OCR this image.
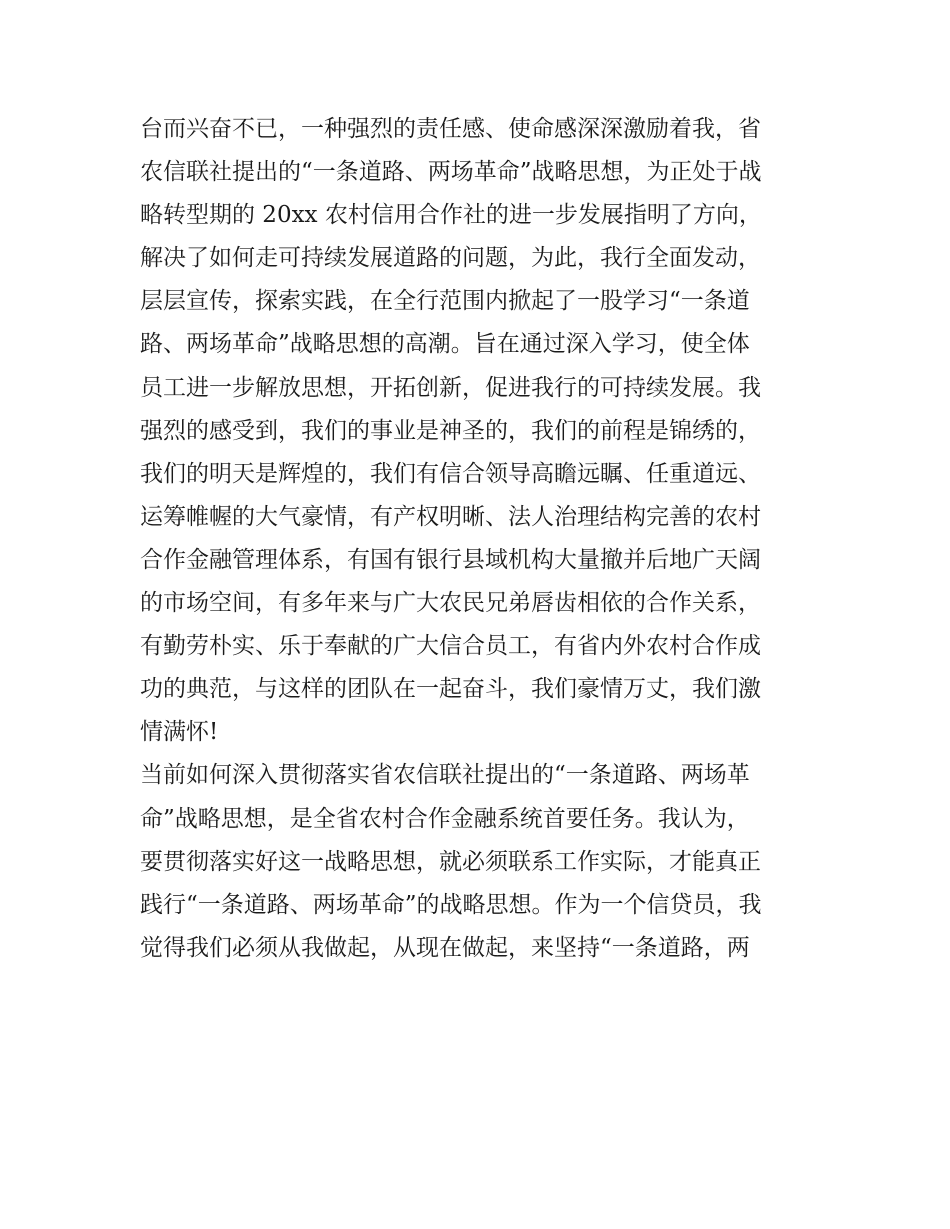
台而兴奋不已，一种强烈的责任感、使命感深深激励着我，省
农信联社提出的“一条道路、两场革命”战略思想，为正处于战
略转型期的 20xx 农村信用合作社的进一步发展指明了方向，
解决了如何走可持续发展道路的问题，为此，我行全面发动，
层层宣传，探索实践，在全行范围内掀起了一股学习“一条道
路、两场革命”战略思想的高潮。旨在通过深入学习，使全体
员工进一步解放思想，开拓创新，促进我行的可持续发展。我
强烈的感受到，我们的事业是神圣的，我们的前程是锦绣的，
我们的明天是辉煌的，我们有信合领导高瞻远瞩、任重道远、
运筹帷幄的大气豪情，有产权明晰、法人治理结构完善的农村
合作金融管理体系，有国有银行县域机构大量撤并后地广天阔
的市场空间，有多年来与广大农民兄弟唇齿相依的合作关系，
有勤劳朴实、乐于奉献的广大信合员工，有省内外农村合作成
功的典范，与这样的团队在一起奋斗，我们豪情万丈，我们激
情满怀!
当前如何深入贯彻落实省农信联社提出的“一条道路、两场革
命”战略思想，是全省农村合作金融系统首要任务。我认为，
要贯彻落实好这一战略思想，就必须联系工作实际，才能真正
践行“一条道路、两场革命”的战略思想。作为一个信贷员，我
觉得我们必须从我做起，从现在做起，来坚持“一条道路，两
